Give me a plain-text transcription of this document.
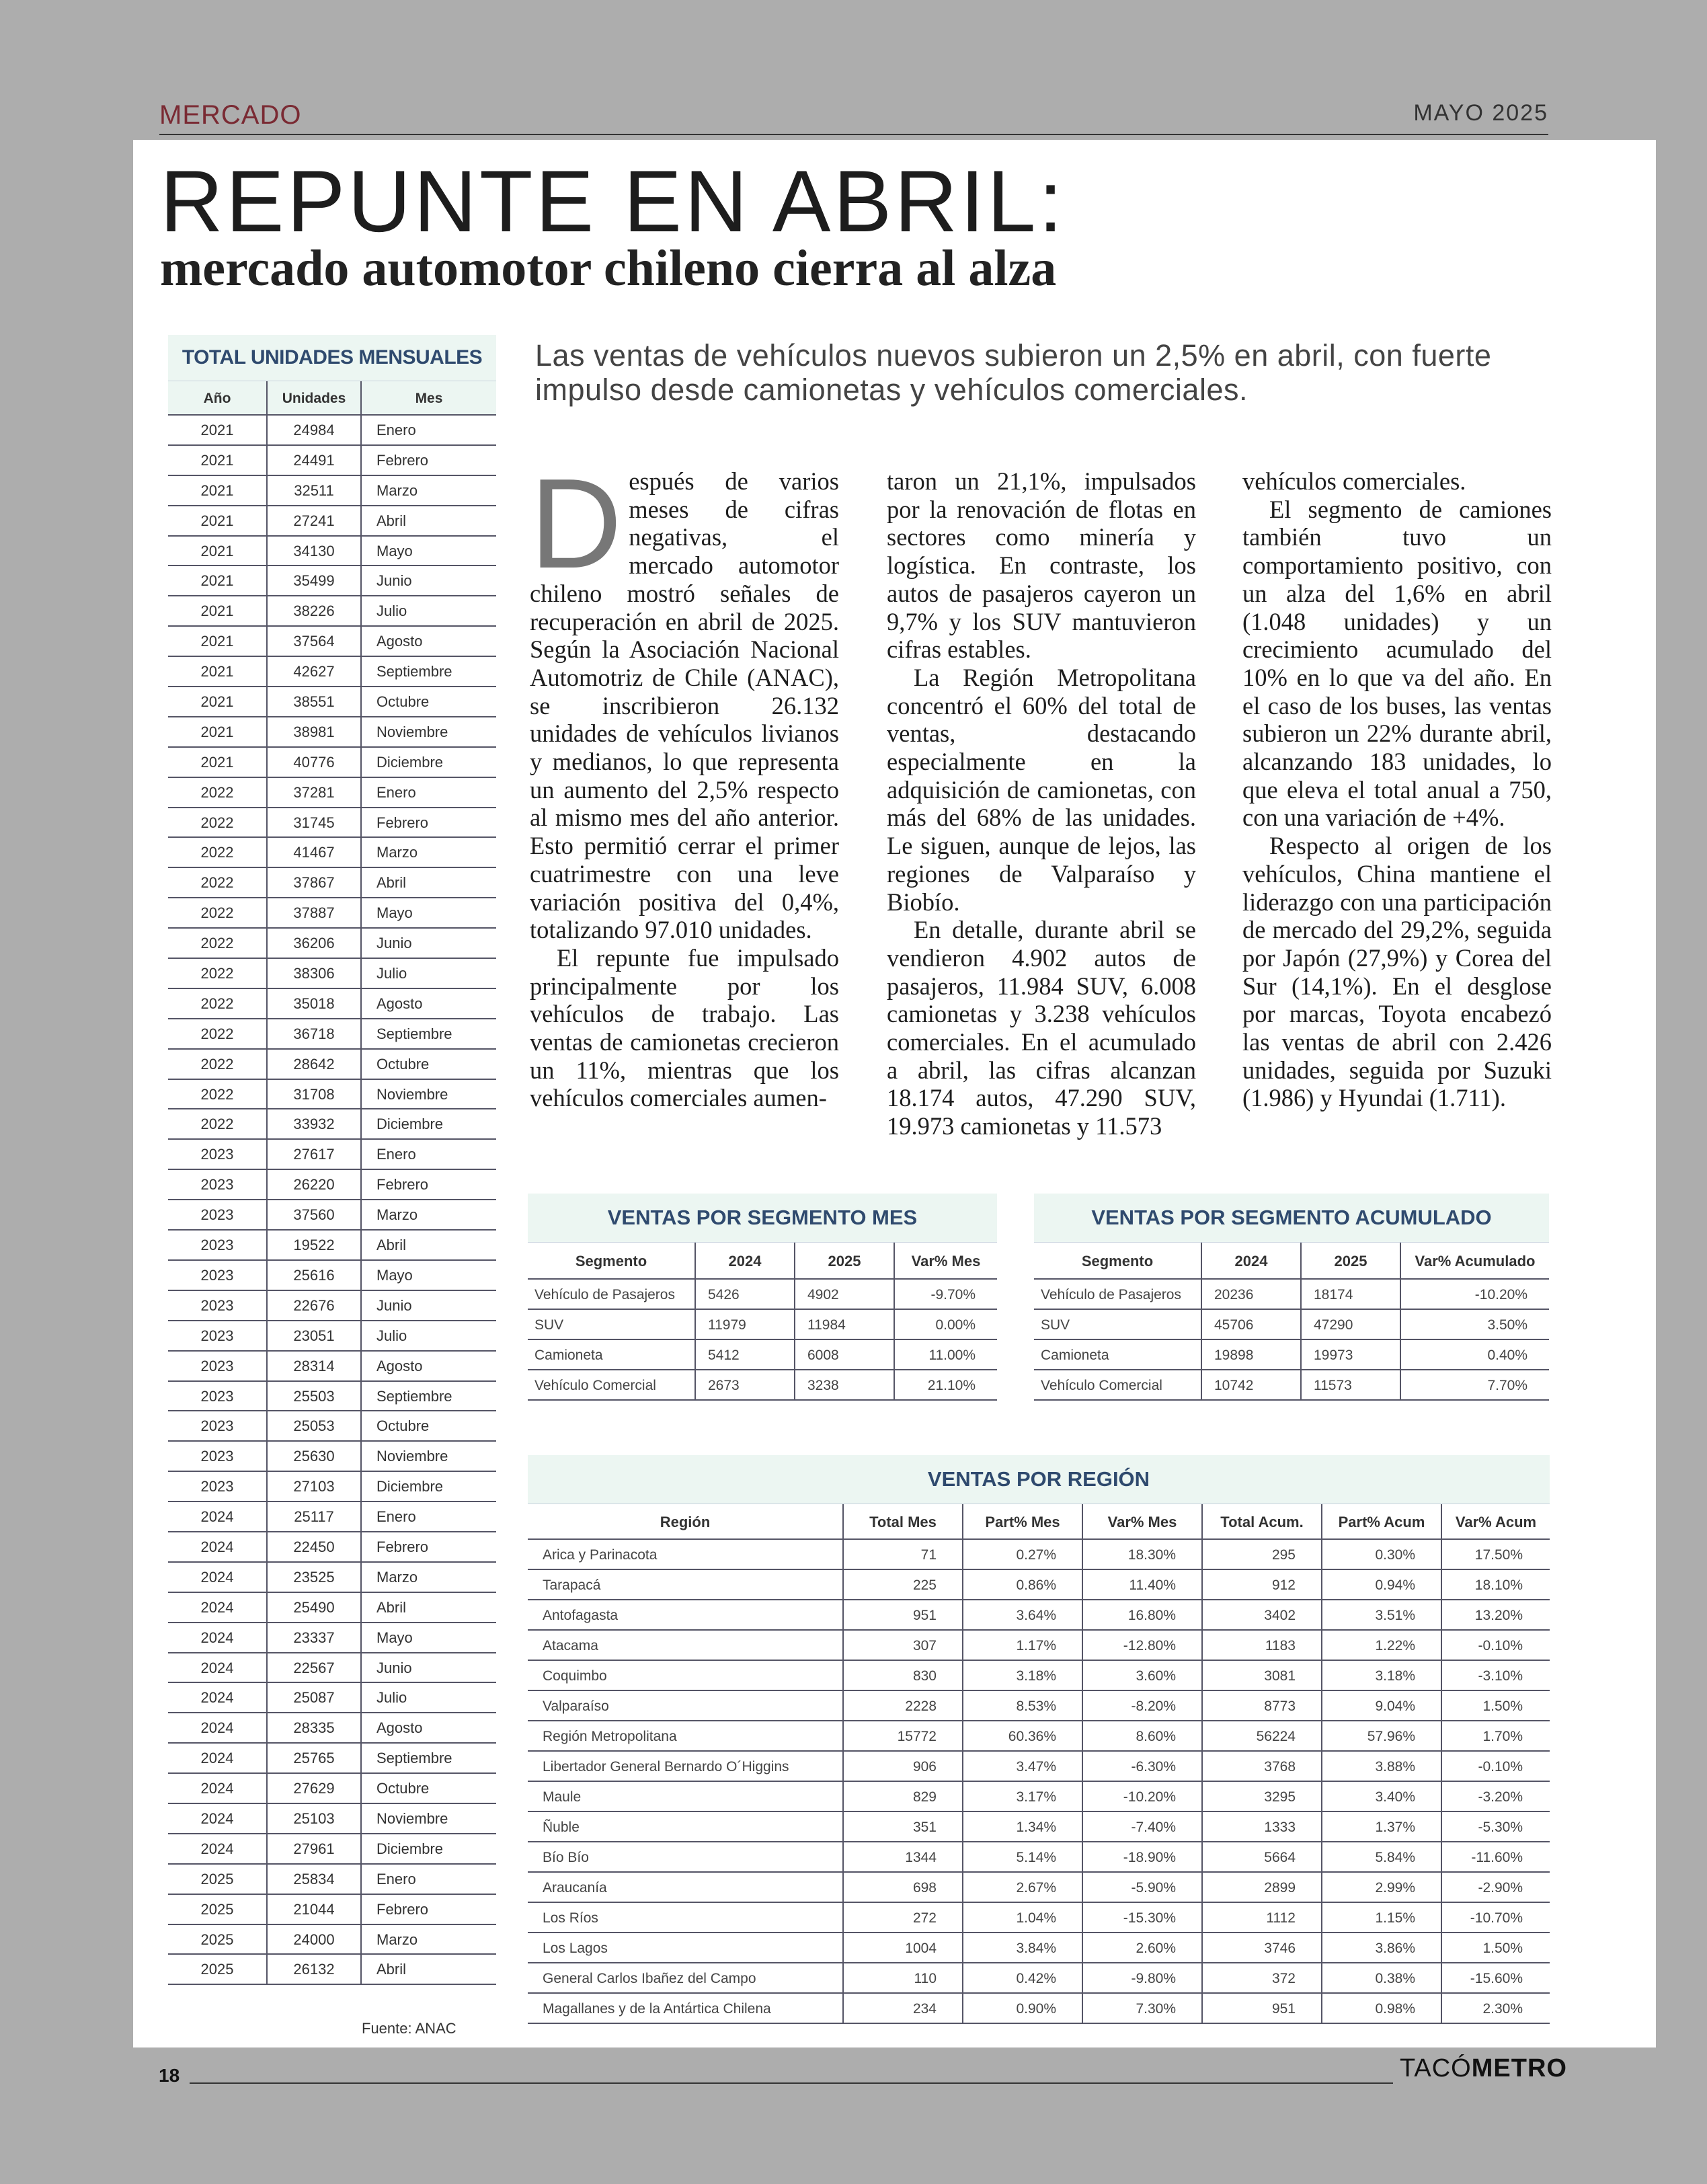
MERCADO	MAYO 2025
REPUNTE EN ABRIL:
mercado automotor chileno cierra al alza
TOTAL UNIDADES MENSUALES
Año	Unidades	Mes
2021	24984	Enero
2021	24491	Febrero
2021	32511	Marzo
2021	27241	Abril
2021	34130	Mayo
2021	35499	Junio
2021	38226	Julio
2021	37564	Agosto
2021	42627	Septiembre
2021	38551	Octubre
2021	38981	Noviembre
2021	40776	Diciembre
2022	37281	Enero
2022	31745	Febrero
2022	41467	Marzo
2022	37867	Abril
2022	37887	Mayo
2022	36206	Junio
2022	38306	Julio
2022	35018	Agosto
2022	36718	Septiembre
2022	28642	Octubre
2022	31708	Noviembre
2022	33932	Diciembre
2023	27617	Enero
2023	26220	Febrero
2023	37560	Marzo
2023	19522	Abril
2023	25616	Mayo
2023	22676	Junio
2023	23051	Julio
2023	28314	Agosto
2023	25503	Septiembre
2023	25053	Octubre
2023	25630	Noviembre
2023	27103	Diciembre
2024	25117	Enero
2024	22450	Febrero
2024	23525	Marzo
2024	25490	Abril
2024	23337	Mayo
2024	22567	Junio
2024	25087	Julio
2024	28335	Agosto
2024	25765	Septiembre
2024	27629	Octubre
2024	25103	Noviembre
2024	27961	Diciembre
2025	25834	Enero
2025	21044	Febrero
2025	24000	Marzo
2025	26132	Abril
Las ventas de vehículos nuevos subieron un 2,5% en abril, con fuerte impulso desde camionetas y vehículos comerciales.

Después de varios meses de cifras negativas, el mercado automotor chileno mostró señales de recuperación en abril de 2025. Según la Asociación Nacional Automotriz de Chile (ANAC), se inscribieron 26.132 unidades de vehículos livianos y medianos, lo que representa un aumento del 2,5% respecto al mismo mes del año anterior. Esto permitió cerrar el primer cuatrimestre con una leve variación positiva del 0,4%, totalizando 97.010 unidades.

El repunte fue impulsado principalmente por los vehículos de trabajo. Las ventas de camionetas crecieron un 11%, mientras que los vehículos comerciales aumen-

taron un 21,1%, impulsados por la renovación de flotas en sectores como minería y logística. En contraste, los autos de pasajeros cayeron un 9,7% y los SUV mantuvieron cifras estables.

La Región Metropolitana concentró el 60% del total de ventas, destacando especialmente en la adquisición de camionetas, con más del 68% de las unidades. Le siguen, aunque de lejos, las regiones de Valparaíso y Biobío.

En detalle, durante abril se vendieron 4.902 autos de pasajeros, 11.984 SUV, 6.008 camionetas y 3.238 vehículos comerciales. En el acumulado a abril, las cifras alcanzan 18.174 autos, 47.290 SUV, 19.973 camionetas y 11.573

vehículos comerciales.

El segmento de camiones también tuvo un comportamiento positivo, con un alza del 1,6% en abril (1.048 unidades) y un crecimiento acumulado del 10% en lo que va del año. En el caso de los buses, las ventas subieron un 22% durante abril, alcanzando 183 unidades, lo que eleva el total anual a 750, con una variación de +4%.

Respecto al origen de los vehículos, China mantiene el liderazgo con una participación de mercado del 29,2%, seguida por Japón (27,9%) y Corea del Sur (14,1%). En el desglose por marcas, Toyota encabezó las ventas de abril con 2.426 unidades, seguida por Suzuki (1.986) y Hyundai (1.711).

VENTAS POR SEGMENTO MES
Segmento	2024	2025	Var% Mes
Vehículo de Pasajeros	5426	4902	-9.70%
SUV	11979	11984	0.00%
Camioneta	5412	6008	11.00%
Vehículo Comercial	2673	3238	21.10%
VENTAS POR SEGMENTO ACUMULADO
Segmento	2024	2025	Var% Acumulado
Vehículo de Pasajeros	20236	18174	-10.20%
SUV	45706	47290	3.50%
Camioneta	19898	19973	0.40%
Vehículo Comercial	10742	11573	7.70%
VENTAS POR REGIÓN
Región	Total Mes	Part% Mes	Var% Mes	Total Acum.	Part% Acum	Var% Acum
Arica y Parinacota	71	0.27%	18.30%	295	0.30%	17.50%
Tarapacá	225	0.86%	11.40%	912	0.94%	18.10%
Antofagasta	951	3.64%	16.80%	3402	3.51%	13.20%
Atacama	307	1.17%	-12.80%	1183	1.22%	-0.10%
Coquimbo	830	3.18%	3.60%	3081	3.18%	-3.10%
Valparaíso	2228	8.53%	-8.20%	8773	9.04%	1.50%
Región Metropolitana	15772	60.36%	8.60%	56224	57.96%	1.70%
Libertador General Bernardo O´Higgins	906	3.47%	-6.30%	3768	3.88%	-0.10%
Maule	829	3.17%	-10.20%	3295	3.40%	-3.20%
Ñuble	351	1.34%	-7.40%	1333	1.37%	-5.30%
Bío Bío	1344	5.14%	-18.90%	5664	5.84%	-11.60%
Araucanía	698	2.67%	-5.90%	2899	2.99%	-2.90%
Los Ríos	272	1.04%	-15.30%	1112	1.15%	-10.70%
Los Lagos	1004	3.84%	2.60%	3746	3.86%	1.50%
General Carlos Ibañez del Campo	110	0.42%	-9.80%	372	0.38%	-15.60%
Magallanes y de la Antártica Chilena	234	0.90%	7.30%	951	0.98%	2.30%
Fuente: ANAC
18	TACÓMETRO
